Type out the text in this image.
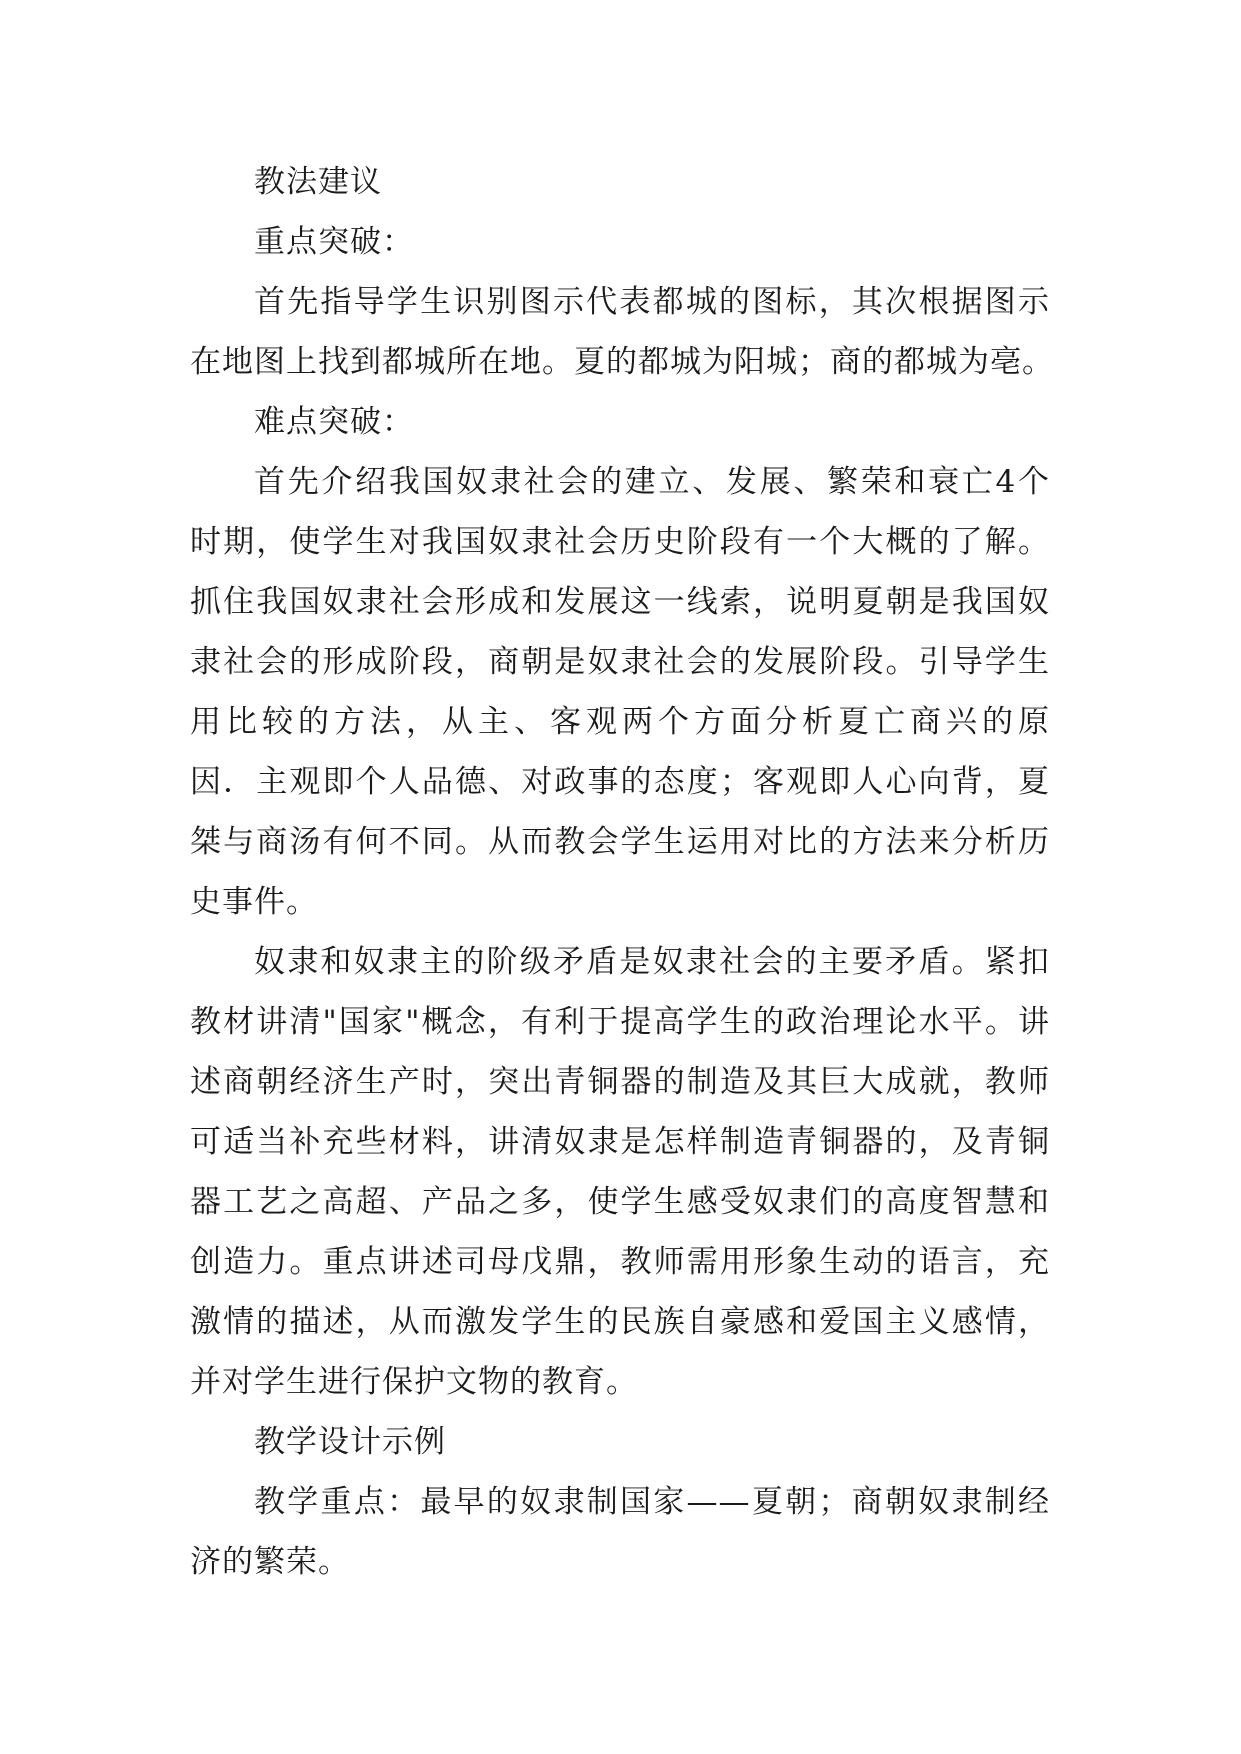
教法建议
重点突破：
首先指导学生识别图示代表都城的图标，其次根据图示
在地图上找到都城所在地。夏的都城为阳城；商的都城为亳。
难点突破：
首先介绍我国奴隶社会的建立、发展、繁荣和衰亡4个
时期，使学生对我国奴隶社会历史阶段有一个大概的了解。
抓住我国奴隶社会形成和发展这一线索，说明夏朝是我国奴
隶社会的形成阶段，商朝是奴隶社会的发展阶段。引导学生
用比较的方法，从主、客观两个方面分析夏亡商兴的原
因．主观即个人品德、对政事的态度；客观即人心向背，夏
桀与商汤有何不同。从而教会学生运用对比的方法来分析历
史事件。
奴隶和奴隶主的阶级矛盾是奴隶社会的主要矛盾。紧扣
教材讲清"国家"概念，有利于提高学生的政治理论水平。讲
述商朝经济生产时，突出青铜器的制造及其巨大成就，教师
可适当补充些材料，讲清奴隶是怎样制造青铜器的，及青铜
器工艺之高超、产品之多，使学生感受奴隶们的高度智慧和
创造力。重点讲述司母戊鼎，教师需用形象生动的语言，充
激情的描述，从而激发学生的民族自豪感和爱国主义感情，
并对学生进行保护文物的教育。
教学设计示例
教学重点：最早的奴隶制国家——夏朝；商朝奴隶制经
济的繁荣。
